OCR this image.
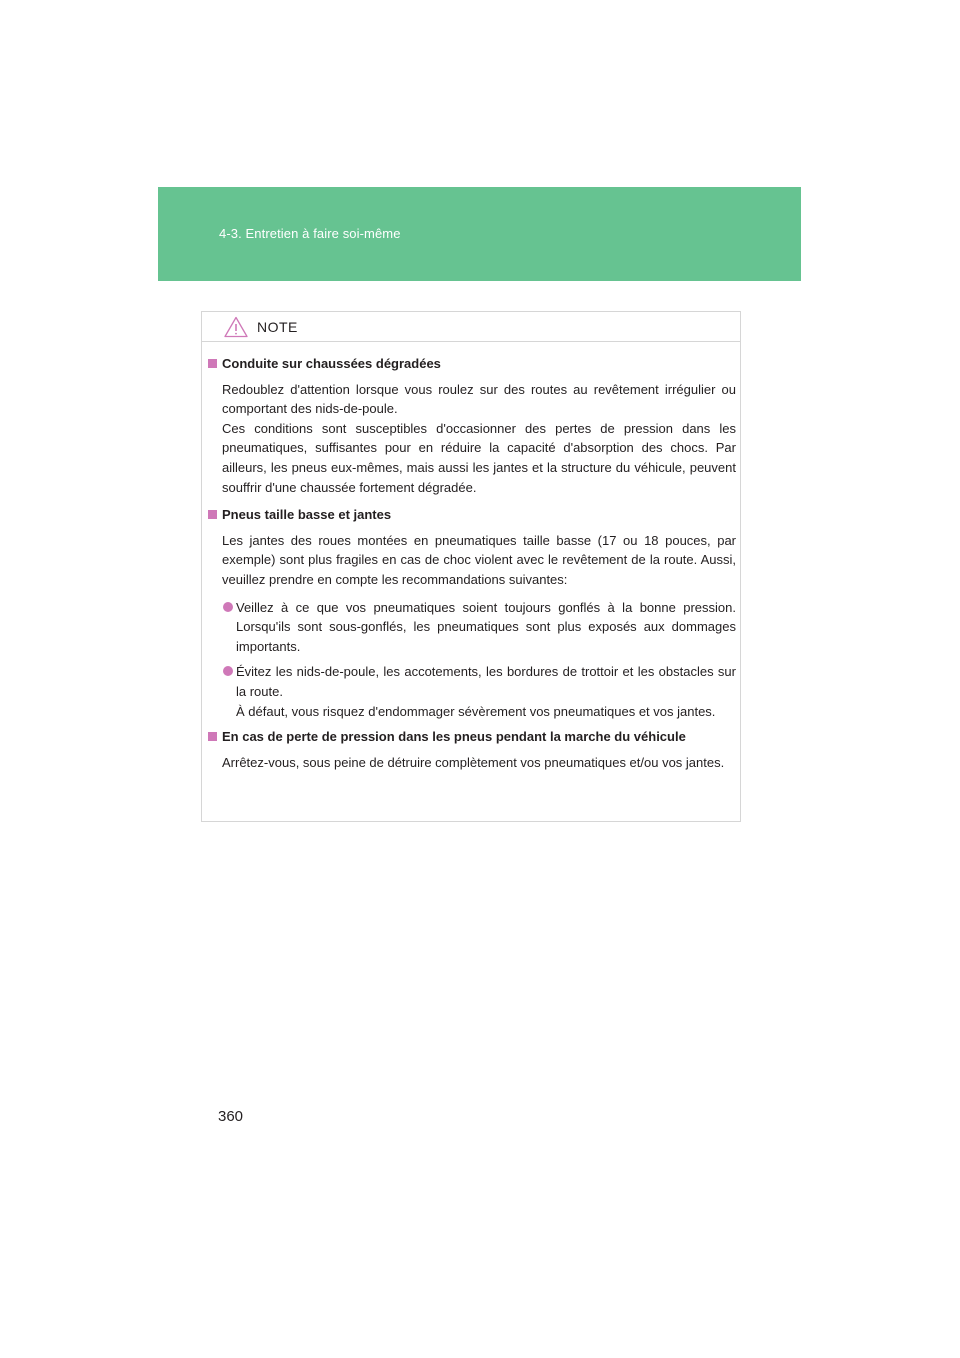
4-3. Entretien à faire soi-même
NOTE
Conduite sur chaussées dégradées
Redoublez d'attention lorsque vous roulez sur des routes au revêtement irrégulier ou comportant des nids-de-poule.
Ces conditions sont susceptibles d'occasionner des pertes de pression dans les pneumatiques, suffisantes pour en réduire la capacité d'absorption des chocs. Par ailleurs, les pneus eux-mêmes, mais aussi les jantes et la structure du véhicule, peuvent souffrir d'une chaussée fortement dégradée.
Pneus taille basse et jantes
Les jantes des roues montées en pneumatiques taille basse (17 ou 18 pouces, par exemple) sont plus fragiles en cas de choc violent avec le revêtement de la route. Aussi, veuillez prendre en compte les recommandations suivantes:
Veillez à ce que vos pneumatiques soient toujours gonflés à la bonne pression. Lorsqu'ils sont sous-gonflés, les pneumatiques sont plus exposés aux dommages importants.
Évitez les nids-de-poule, les accotements, les bordures de trottoir et les obstacles sur la route.
À défaut, vous risquez d'endommager sévèrement vos pneumatiques et vos jantes.
En cas de perte de pression dans les pneus pendant la marche du véhicule
Arrêtez-vous, sous peine de détruire complètement vos pneumatiques et/ou vos jantes.
360
